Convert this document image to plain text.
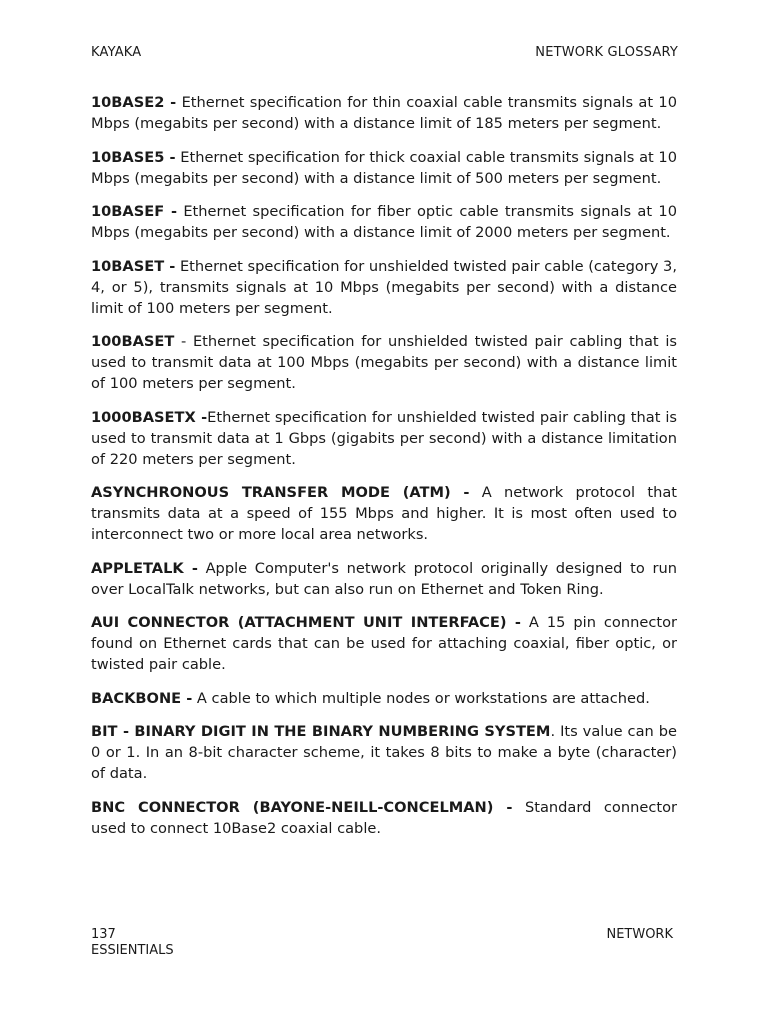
KAYAKA	NETWORK GLOSSARY

10BASE2 - Ethernet specification for thin coaxial cable transmits signals at 10 Mbps (megabits per second) with a distance limit of 185 meters per segment.

10BASE5 - Ethernet specification for thick coaxial cable transmits signals at 10 Mbps (megabits per second) with a distance limit of 500 meters per segment.

10BASEF - Ethernet specification for fiber optic cable transmits signals at 10 Mbps (megabits per second) with a distance limit of 2000 meters per segment.

10BASET - Ethernet specification for unshielded twisted pair cable (category 3, 4, or 5), transmits signals at 10 Mbps (megabits per second) with a distance limit of 100 meters per segment.

100BASET - Ethernet specification for unshielded twisted pair cabling that is used to transmit data at 100 Mbps (megabits per second) with a distance limit of 100 meters per segment.

1000BASETX -Ethernet specification for unshielded twisted pair cabling that is used to transmit data at 1 Gbps (gigabits per second) with a distance limitation of 220 meters per segment.

ASYNCHRONOUS TRANSFER MODE (ATM) - A network protocol that transmits data at a speed of 155 Mbps and higher. It is most often used to interconnect two or more local area networks.

APPLETALK - Apple Computer's network protocol originally designed to run over LocalTalk networks, but can also run on Ethernet and Token Ring.

AUI CONNECTOR (ATTACHMENT UNIT INTERFACE) - A 15 pin connector found on Ethernet cards that can be used for attaching coaxial, fiber optic, or twisted pair cable.

BACKBONE - A cable to which multiple nodes or workstations are attached.

BIT - BINARY DIGIT IN THE BINARY NUMBERING SYSTEM. Its value can be 0 or 1. In an 8-bit character scheme, it takes 8 bits to make a byte (character) of data.

BNC CONNECTOR (BAYONE-NEILL-CONCELMAN) - Standard connector used to connect 10Base2 coaxial cable.

137	NETWORK
ESSIENTIALS
